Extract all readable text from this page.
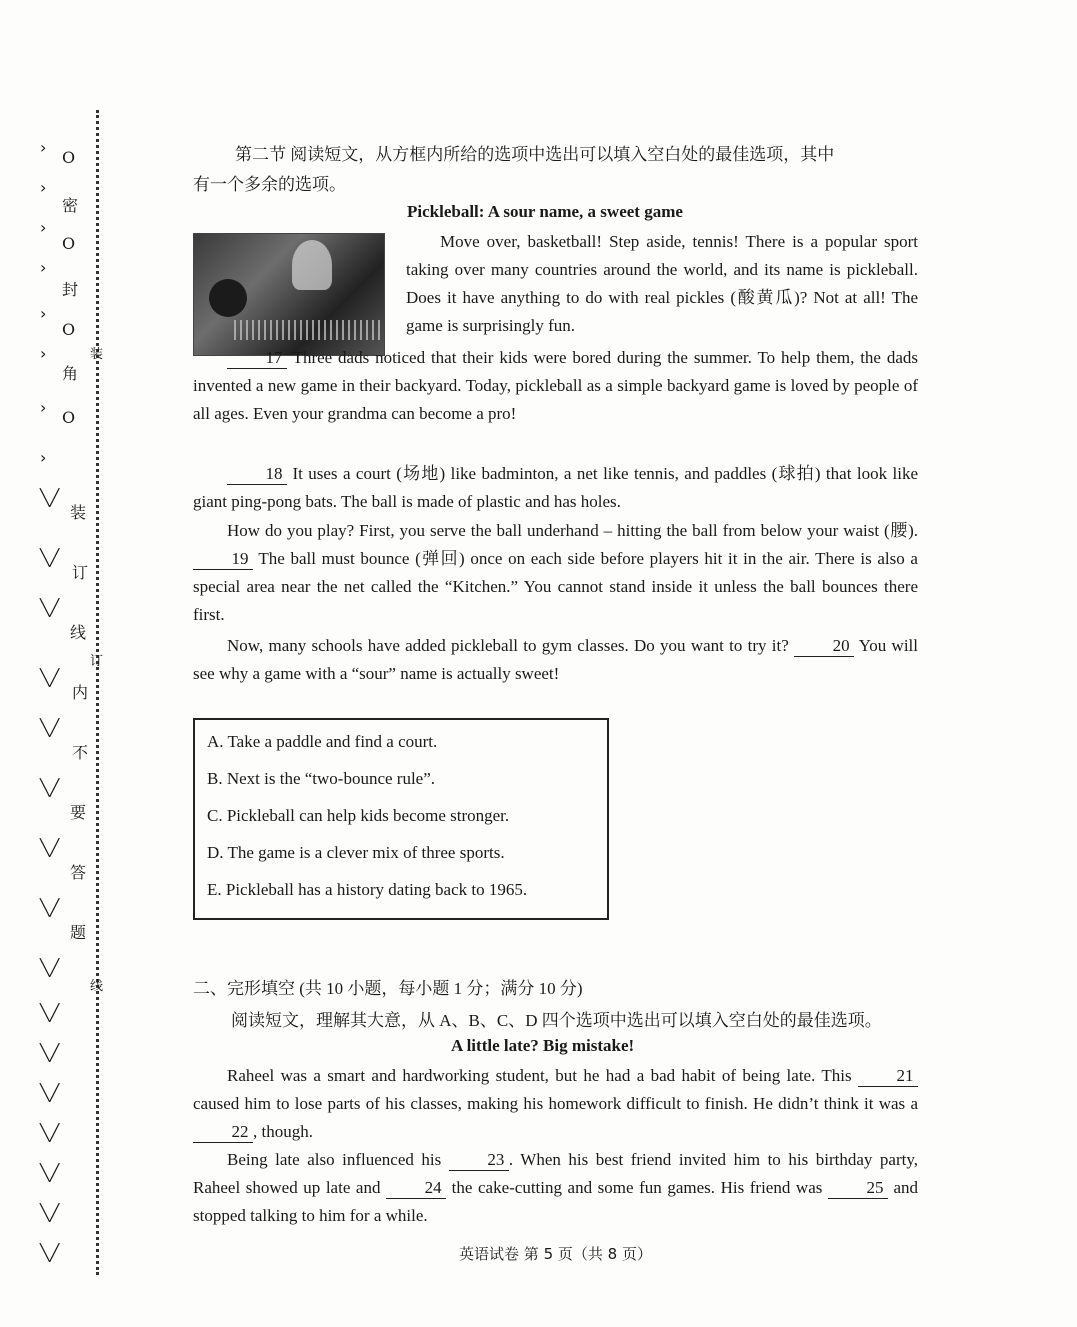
›
O
›
密
›
O
›
封
›
O
装
›
角
›
O
›
╲╱
装
╲╱
订
╲╱
线
订
╲╱
内
╲╱
不
╲╱
要
╲╱
答
╲╱
题
╲╱
线
╲╱
╲╱
╲╱
╲╱
╲╱
╲╱
╲╱
第二节 阅读短文，从方框内所给的选项中选出可以填入空白处的最佳选项，其中
有一个多余的选项。
Pickleball: A sour name, a sweet game
Move over, basketball! Step aside, tennis! There is a popular sport taking over many countries around the world, and its name is pickleball. Does it have anything to do with real pickles (酸黄瓜)? Not at all! The game is surprisingly fun.
17 Three dads noticed that their kids were bored during the summer. To help them, the dads invented a new game in their backyard. Today, pickleball as a simple backyard game is loved by people of all ages. Even your grandma can become a pro!
18 It uses a court (场地) like badminton, a net like tennis, and paddles (球拍) that look like giant ping-pong bats. The ball is made of plastic and has holes.
How do you play? First, you serve the ball underhand – hitting the ball from below your waist (腰). 19 The ball must bounce (弹回) once on each side before players hit it in the air. There is also a special area near the net called the “Kitchen.” You cannot stand inside it unless the ball bounces there first.
Now, many schools have added pickleball to gym classes. Do you want to try it?	20 You will see why a game with a “sour” name is actually sweet!
A. Take a paddle and find a court.
B. Next is the “two-bounce rule”.
C. Pickleball can help kids become stronger.
D. The game is a clever mix of three sports.
E. Pickleball has a history dating back to 1965.
二、完形填空 (共 10 小题，每小题 1 分；满分 10 分)
阅读短文，理解其大意，从 A、B、C、D 四个选项中选出可以填入空白处的最佳选项。
A little late? Big mistake!
Raheel was a smart and hardworking student, but he had a bad habit of being late. This	21 caused him to lose parts of his classes, making his homework difficult to finish. He didn’t think it was a 22 , though.
Being late also influenced his	23 . When his best friend invited him to his birthday party, Raheel showed up late and	24 the cake-cutting and some fun games. His friend was	25 and stopped talking to him for a while.
英语试卷 第 5 页（共 8 页）
